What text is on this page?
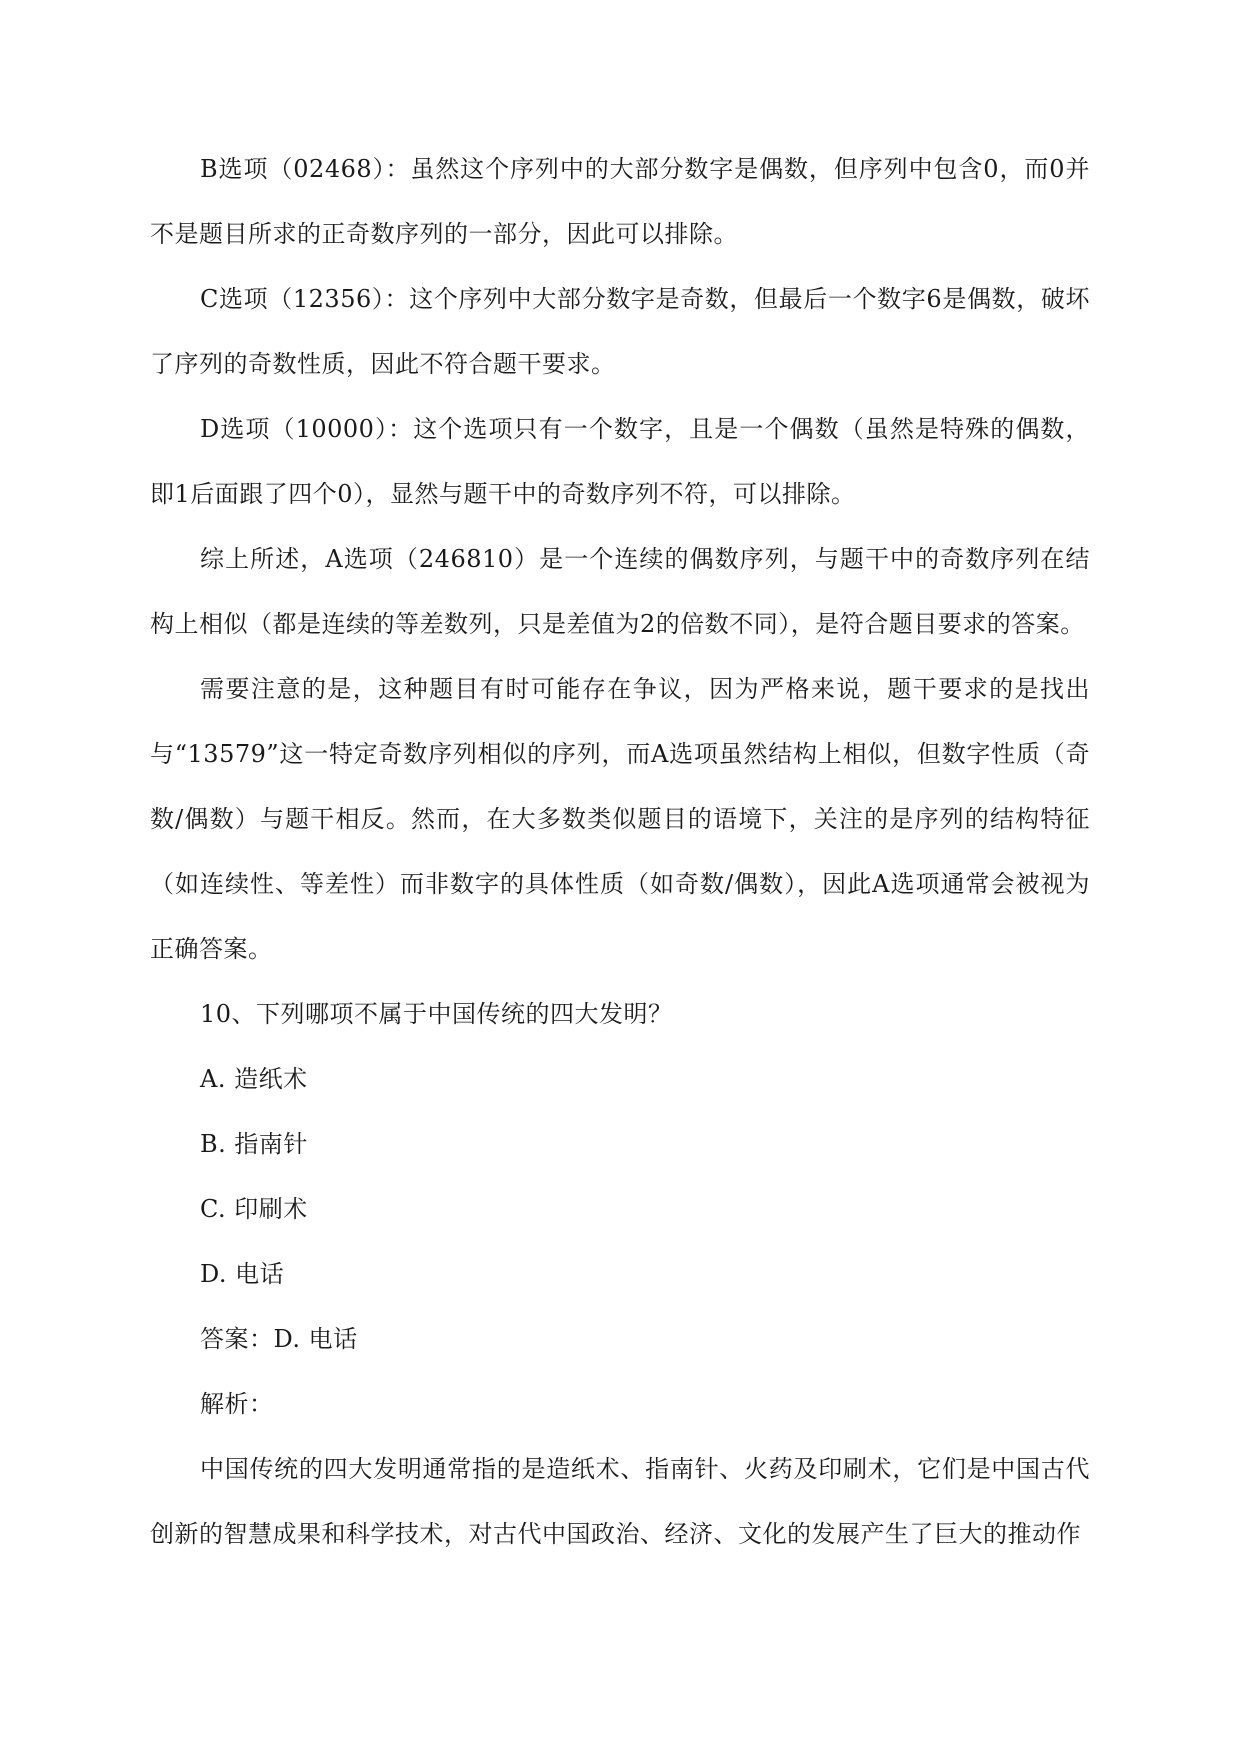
B选项（02468）：虽然这个序列中的大部分数字是偶数，但序列中包含0，而0并不是题目所求的正奇数序列的一部分，因此可以排除。

C选项（12356）：这个序列中大部分数字是奇数，但最后一个数字6是偶数，破坏了序列的奇数性质，因此不符合题干要求。

D选项（10000）：这个选项只有一个数字，且是一个偶数（虽然是特殊的偶数，即1后面跟了四个0），显然与题干中的奇数序列不符，可以排除。

综上所述，A选项（246810）是一个连续的偶数序列，与题干中的奇数序列在结构上相似（都是连续的等差数列，只是差值为2的倍数不同），是符合题目要求的答案。

需要注意的是，这种题目有时可能存在争议，因为严格来说，题干要求的是找出与“13579”这一特定奇数序列相似的序列，而A选项虽然结构上相似，但数字性质（奇数/偶数）与题干相反。然而，在大多数类似题目的语境下，关注的是序列的结构特征（如连续性、等差性）而非数字的具体性质（如奇数/偶数），因此A选项通常会被视为正确答案。

10、下列哪项不属于中国传统的四大发明？

A. 造纸术

B. 指南针

C. 印刷术

D. 电话

答案：D. 电话

解析：

中国传统的四大发明通常指的是造纸术、指南针、火药及印刷术，它们是中国古代创新的智慧成果和科学技术，对古代中国政治、经济、文化的发展产生了巨大的推动作
